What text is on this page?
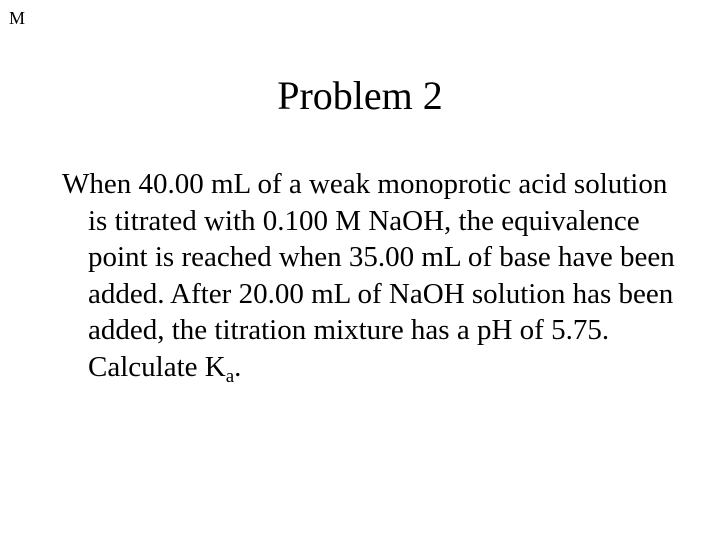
M
Problem 2

When 40.00 mL of a weak monoprotic acid solution is titrated with 0.100 M NaOH, the equivalence point is reached when 35.00 mL of base have been added. After 20.00 mL of NaOH solution has been added, the titration mixture has a pH of 5.75. Calculate $K_a$.
